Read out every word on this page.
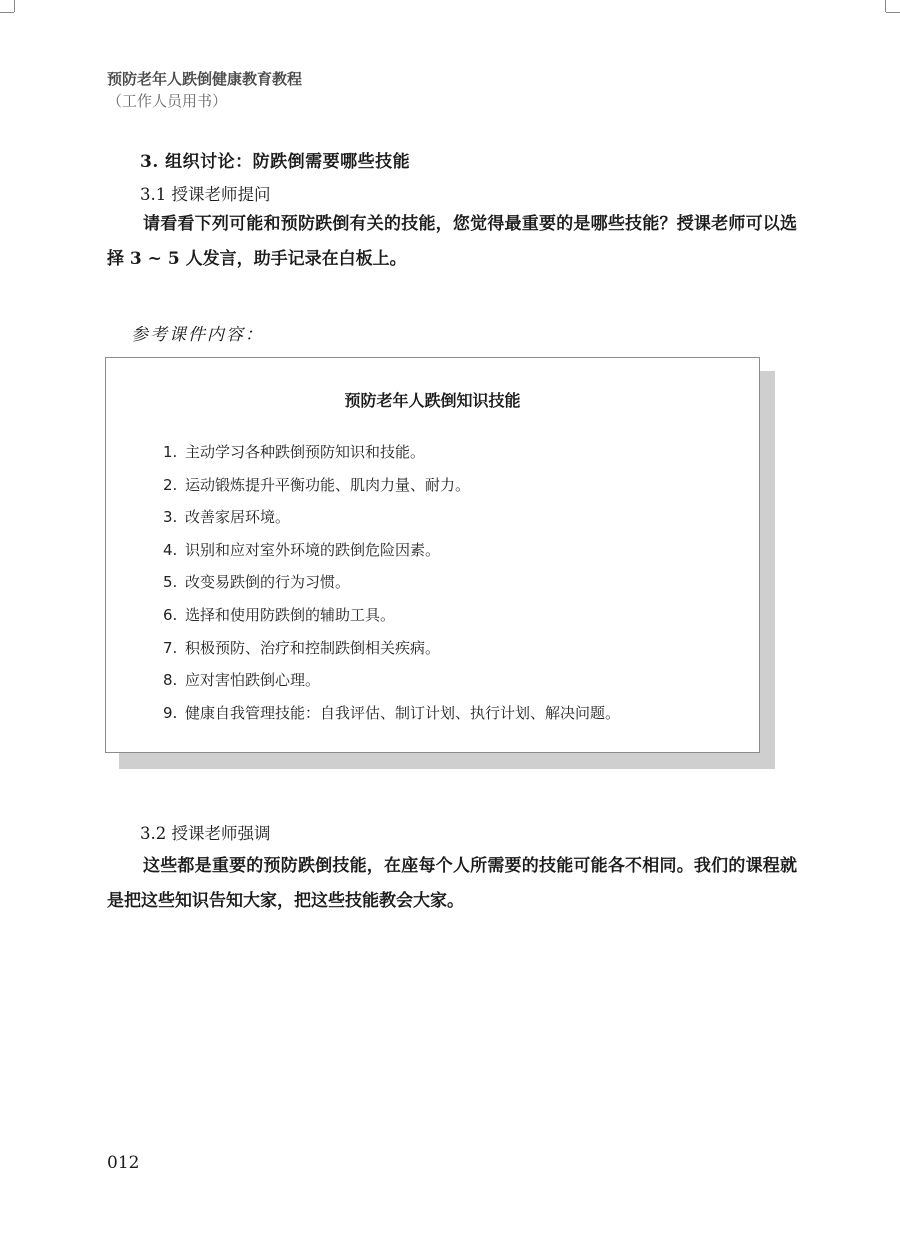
预防老年人跌倒健康教育教程
（工作人员用书）
3. 组织讨论：防跌倒需要哪些技能
3.1 授课老师提问
请看看下列可能和预防跌倒有关的技能，您觉得最重要的是哪些技能？授课老师可以选择 3 ~ 5 人发言，助手记录在白板上。
参考课件内容：
预防老年人跌倒知识技能
1. 主动学习各种跌倒预防知识和技能。
2. 运动锻炼提升平衡功能、肌肉力量、耐力。
3. 改善家居环境。
4. 识别和应对室外环境的跌倒危险因素。
5. 改变易跌倒的行为习惯。
6. 选择和使用防跌倒的辅助工具。
7. 积极预防、治疗和控制跌倒相关疾病。
8. 应对害怕跌倒心理。
9. 健康自我管理技能：自我评估、制订计划、执行计划、解决问题。
3.2 授课老师强调
这些都是重要的预防跌倒技能，在座每个人所需要的技能可能各不相同。我们的课程就是把这些知识告知大家，把这些技能教会大家。
012
